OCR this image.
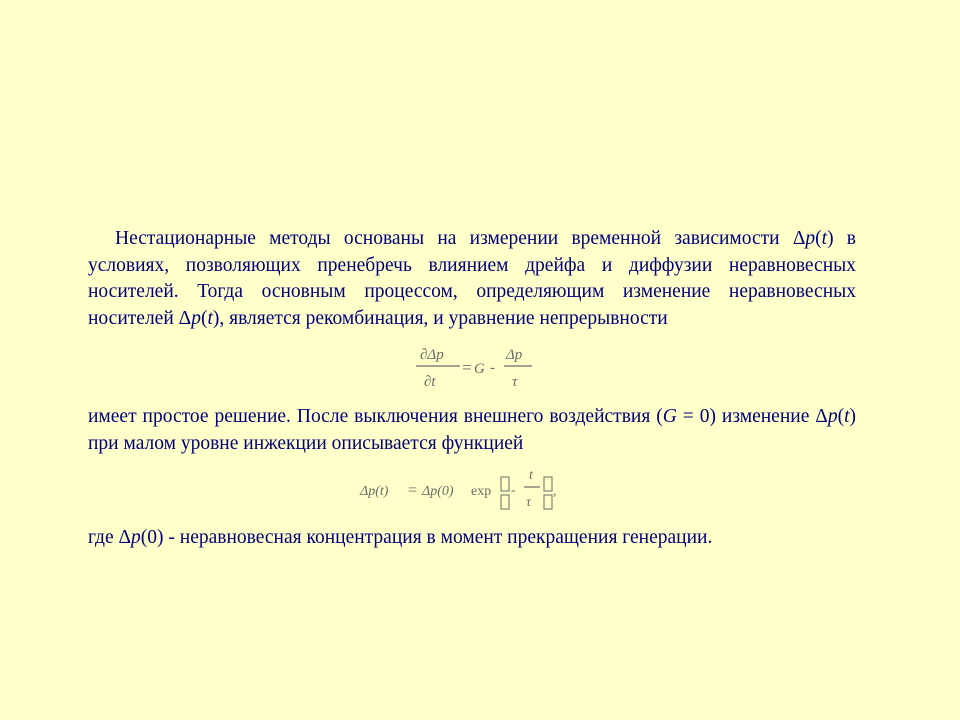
Нестационарные методы основаны на измерении временной зависимости Δp(t) в условиях, позволяющих пренебречь влиянием дрейфа и диффузии неравновесных носителей. Тогда основным процессом, определяющим изменение неравновесных носителей Δp(t), является рекомбинация, и уравнение непрерывности

∂Δp
∂t
= G -
Δp
τ

имеет простое решение. После выключения внешнего воздействия (G = 0) изменение Δp(t) при малом уровне инжекции описывается функцией

Δp(t) = Δp(0) exp -
t
τ
,

где Δp(0) - неравновесная концентрация в момент прекращения генерации.
